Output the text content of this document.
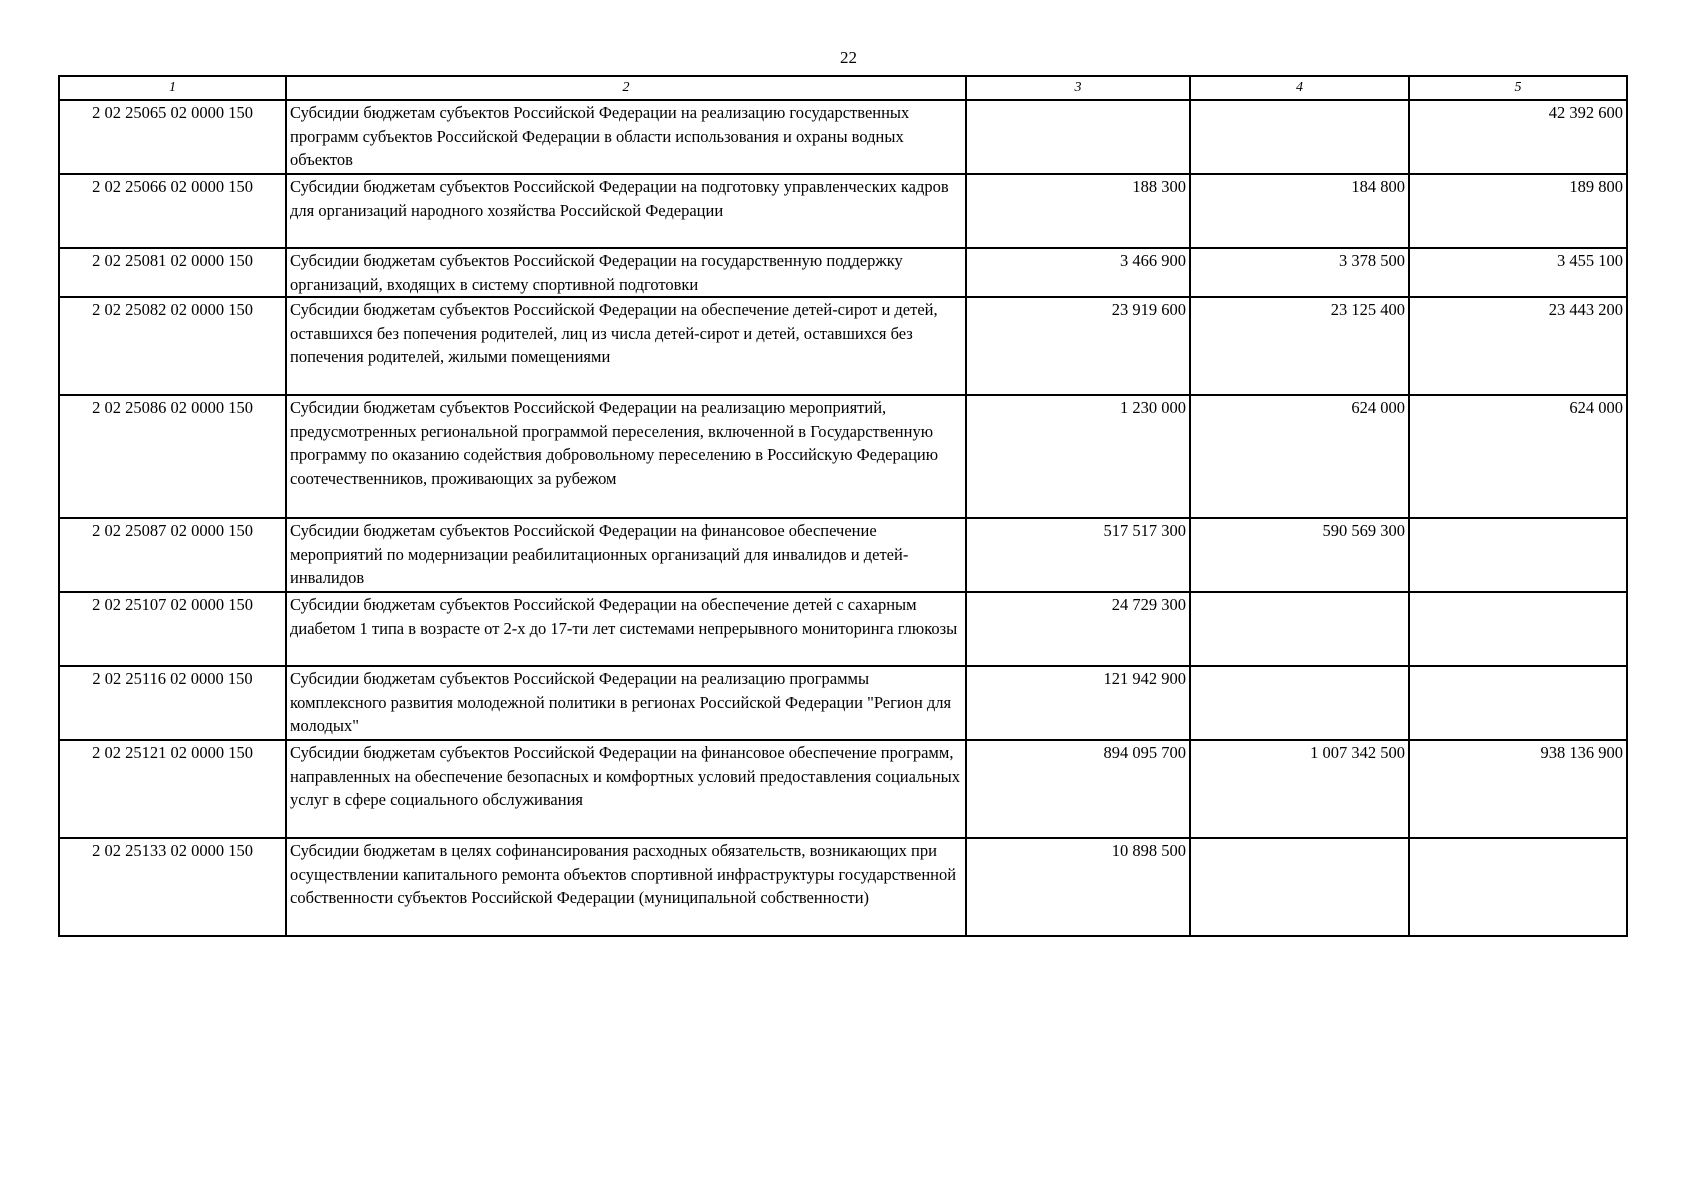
22
1	2	3	4	5
2 02 25065 02 0000 150	Субсидии бюджетам субъектов Российской Федерации на реализацию государственных программ субъектов Российской Федерации в области использования и охраны водных объектов			42 392 600
2 02 25066 02 0000 150	Субсидии бюджетам субъектов Российской Федерации на подготовку управленческих кадров для организаций народного хозяйства Российской Федерации	188 300	184 800	189 800
2 02 25081 02 0000 150	Субсидии бюджетам субъектов Российской Федерации на государственную поддержку организаций, входящих в систему спортивной подготовки	3 466 900	3 378 500	3 455 100
2 02 25082 02 0000 150	Субсидии бюджетам субъектов Российской Федерации на обеспечение детей-сирот и детей, оставшихся без попечения родителей, лиц из числа детей-сирот и детей, оставшихся без попечения родителей, жилыми помещениями	23 919 600	23 125 400	23 443 200
2 02 25086 02 0000 150	Субсидии бюджетам субъектов Российской Федерации на реализацию мероприятий, предусмотренных региональной программой переселения, включенной в Государственную программу по оказанию содействия добровольному переселению в Российскую Федерацию соотечественников, проживающих за рубежом	1 230 000	624 000	624 000
2 02 25087 02 0000 150	Субсидии бюджетам субъектов Российской Федерации на финансовое обеспечение мероприятий по модернизации реабилитационных организаций для инвалидов и детей-инвалидов	517 517 300	590 569 300	
2 02 25107 02 0000 150	Субсидии бюджетам субъектов Российской Федерации на обеспечение детей с сахарным диабетом 1 типа в возрасте от 2-х до 17-ти лет системами непрерывного мониторинга глюкозы	24 729 300		
2 02 25116 02 0000 150	Субсидии бюджетам субъектов Российской Федерации на реализацию программы комплексного развития молодежной политики в регионах Российской Федерации "Регион для молодых"	121 942 900		
2 02 25121 02 0000 150	Субсидии бюджетам субъектов Российской Федерации на финансовое обеспечение программ, направленных на обеспечение безопасных и комфортных условий предоставления социальных услуг в сфере социального обслуживания	894 095 700	1 007 342 500	938 136 900
2 02 25133 02 0000 150	Субсидии бюджетам в целях софинансирования расходных обязательств, возникающих при осуществлении капитального ремонта объектов спортивной инфраструктуры государственной собственности субъектов Российской Федерации (муниципальной собственности)	10 898 500		
